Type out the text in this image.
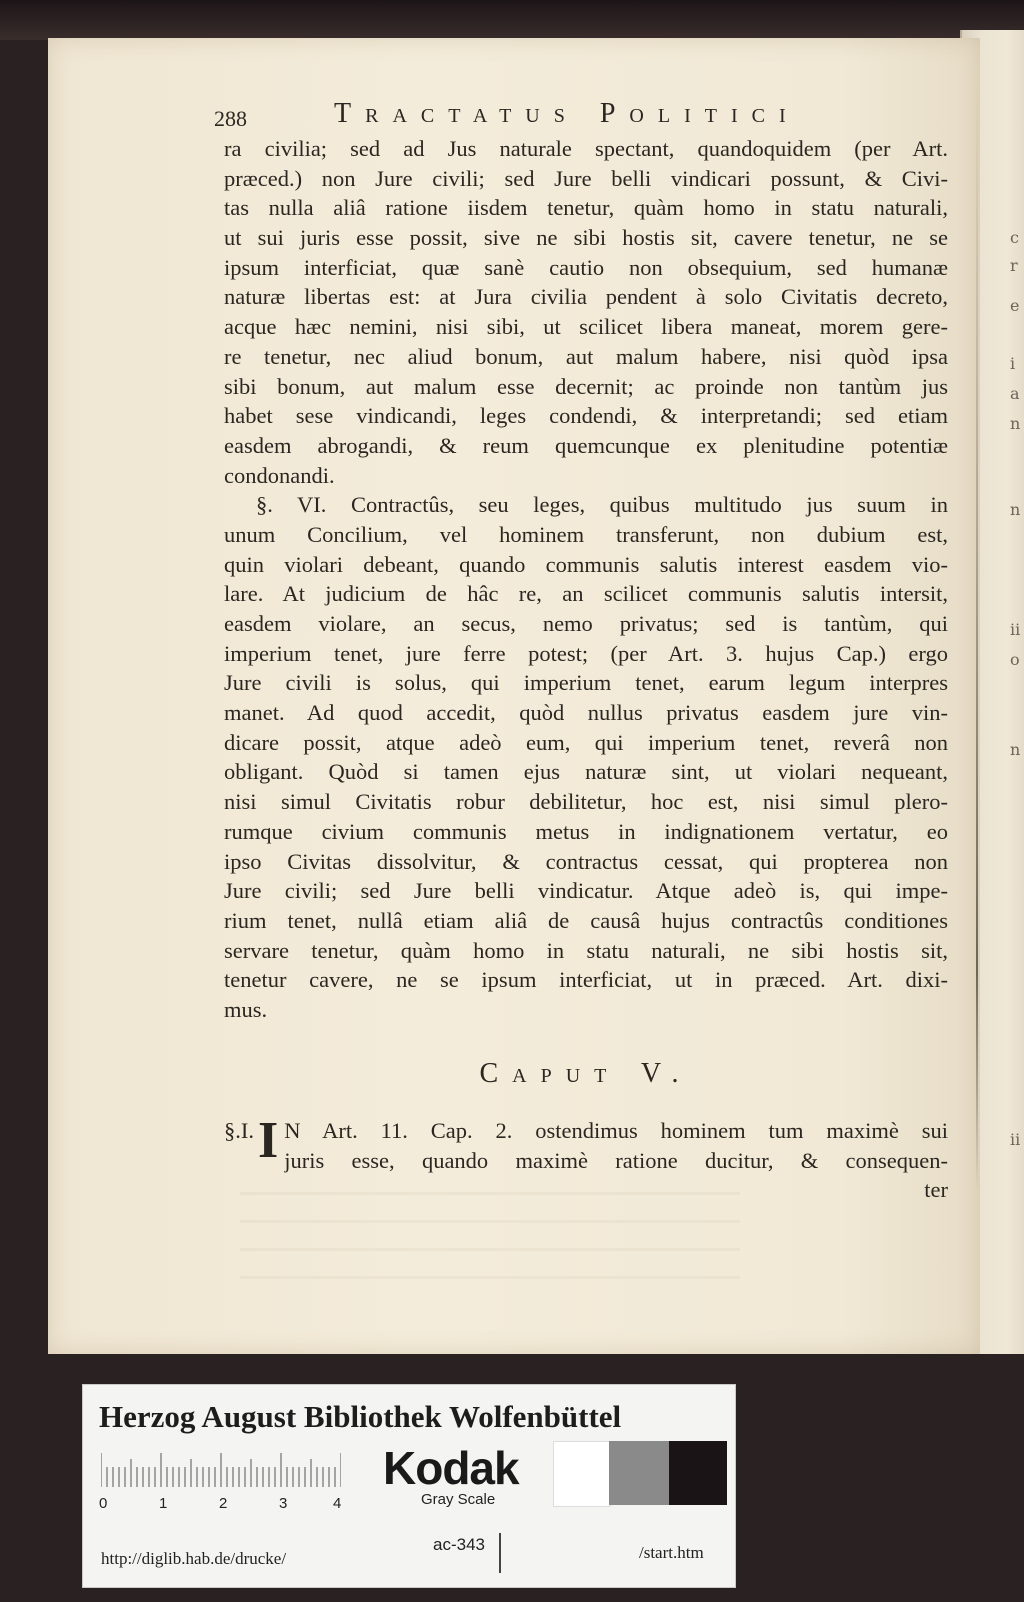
c
r
e
i
a
n
n
ii
o
n
ii
288	Tractatus Politici
ra civilia; sed ad Jus naturale spectant, quandoquidem (per Art.
præced.) non Jure civili; sed Jure belli vindicari possunt, & Civi-
tas nulla aliâ ratione iisdem tenetur, quàm homo in statu naturali,
ut sui juris esse possit, sive ne sibi hostis sit, cavere tenetur, ne se
ipsum interficiat, quæ sanè cautio non obsequium, sed humanæ
naturæ libertas est: at Jura civilia pendent à solo Civitatis decreto,
acque hæc nemini, nisi sibi, ut scilicet libera maneat, morem gere-
re tenetur, nec aliud bonum, aut malum habere, nisi quòd ipsa
sibi bonum, aut malum esse decernit; ac proinde non tantùm jus
habet sese vindicandi, leges condendi, & interpretandi; sed etiam
easdem abrogandi, & reum quemcunque ex plenitudine potentiæ
condonandi.
§. VI. Contractûs, seu leges, quibus multitudo jus suum in
unum Concilium, vel hominem transferunt, non dubium est,
quin violari debeant, quando communis salutis interest easdem vio-
lare. At judicium de hâc re, an scilicet communis salutis intersit,
easdem violare, an secus, nemo privatus; sed is tantùm, qui
imperium tenet, jure ferre potest; (per Art. 3. hujus Cap.) ergo
Jure civili is solus, qui imperium tenet, earum legum interpres
manet. Ad quod accedit, quòd nullus privatus easdem jure vin-
dicare possit, atque adeò eum, qui imperium tenet, reverâ non
obligant. Quòd si tamen ejus naturæ sint, ut violari nequeant,
nisi simul Civitatis robur debilitetur, hoc est, nisi simul plero-
rumque civium communis metus in indignationem vertatur, eo
ipso Civitas dissolvitur, & contractus cessat, qui propterea non
Jure civili; sed Jure belli vindicatur. Atque adeò is, qui impe-
rium tenet, nullâ etiam aliâ de causâ hujus contractûs conditiones
servare tenetur, quàm homo in statu naturali, ne sibi hostis sit,
tenetur cavere, ne se ipsum interficiat, ut in præced. Art. dixi-
mus.
Caput V.
§.I. I N Art. 11. Cap. 2. ostendimus hominem tum maximè sui
juris esse, quando maximè ratione ducitur, & consequen-
ter
Herzog August Bibliothek Wolfenbüttel
0	1	2	3	4
Kodak
Gray Scale
http://diglib.hab.de/drucke/
ac-343	/start.htm
